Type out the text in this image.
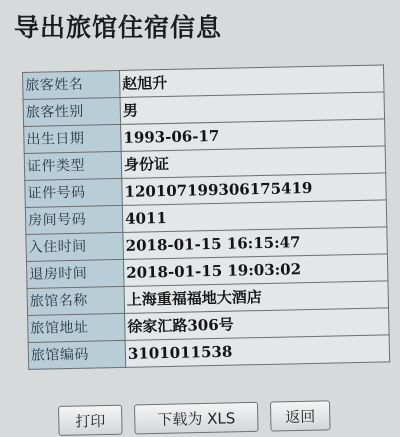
导出旅馆住宿信息
旅客姓名	赵旭升
旅客性别	男
出生日期	1993-06-17
证件类型	身份证
证件号码	120107199306175419
房间号码	4011
入住时间	2018-01-15 16:15:47
退房时间	2018-01-15 19:03:02
旅馆名称	上海重福福地大酒店
旅馆地址	徐家汇路306号
旅馆编码	3101011538
打印	下载为 XLS	返回
